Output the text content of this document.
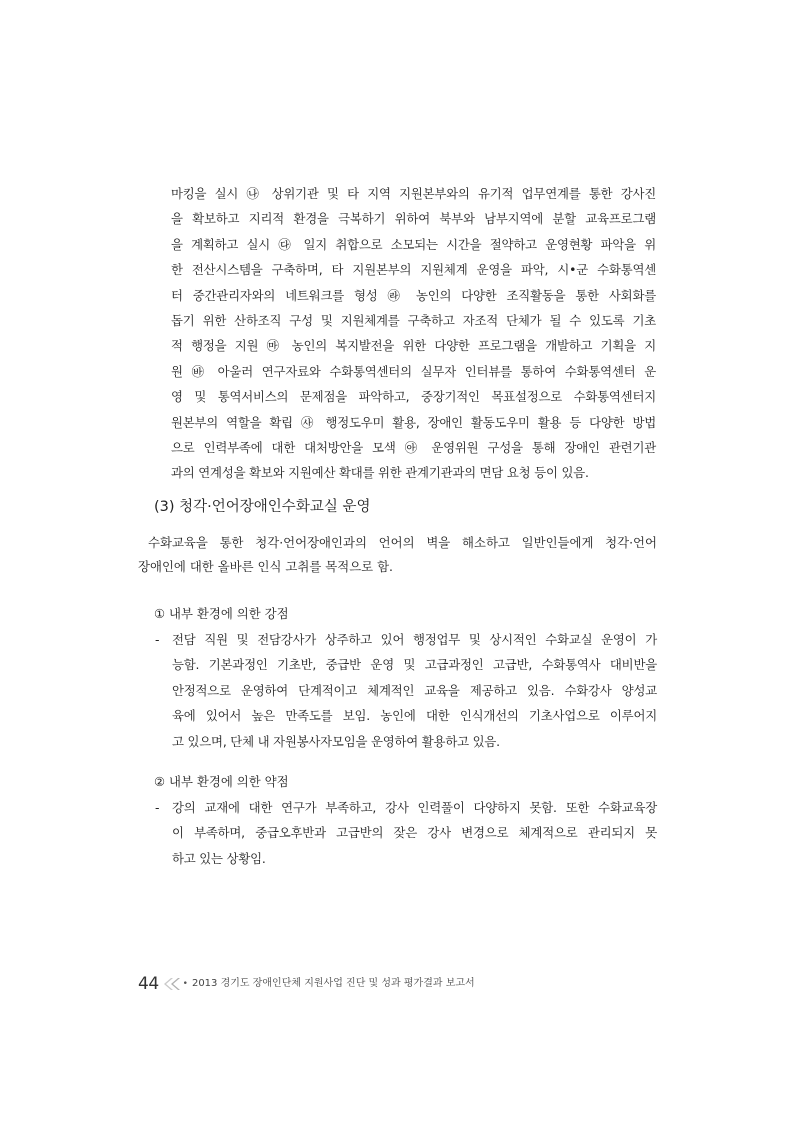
마킹을 실시 ㉯ 상위기관 및 타 지역 지원본부와의 유기적 업무연계를 통한 강사진
을 확보하고 지리적 환경을 극복하기 위하여 북부와 남부지역에 분할 교육프로그램
을 계획하고 실시 ㉰ 일지 취합으로 소모되는 시간을 절약하고 운영현황 파악을 위
한 전산시스템을 구축하며, 타 지원본부의 지원체계 운영을 파악, 시•군 수화통역센
터 중간관리자와의 네트워크를 형성 ㉱ 농인의 다양한 조직활동을 통한 사회화를
돕기 위한 산하조직 구성 및 지원체계를 구축하고 자조적 단체가 될 수 있도록 기초
적 행정을 지원 ㉲ 농인의 복지발전을 위한 다양한 프로그램을 개발하고 기획을 지
원 ㉳ 아울러 연구자료와 수화통역센터의 실무자 인터뷰를 통하여 수화통역센터 운
영 및 통역서비스의 문제점을 파악하고, 중장기적인 목표설정으로 수화통역센터지
원본부의 역할을 확립 ㉴ 행정도우미 활용, 장애인 활동도우미 활용 등 다양한 방법
으로 인력부족에 대한 대처방안을 모색 ㉵ 운영위원 구성을 통해 장애인 관련기관
과의 연계성을 확보와 지원예산 확대를 위한 관계기관과의 면담 요청 등이 있음.
(3) 청각·언어장애인수화교실 운영
수화교육을 통한 청각·언어장애인과의 언어의 벽을 해소하고 일반인들에게 청각·언어
장애인에 대한 올바른 인식 고취를 목적으로 함.
① 내부 환경에 의한 강점
- 전담 직원 및 전담강사가 상주하고 있어 행정업무 및 상시적인 수화교실 운영이 가
능함. 기본과정인 기초반, 중급반 운영 및 고급과정인 고급반, 수화통역사 대비반을
안정적으로 운영하여 단계적이고 체계적인 교육을 제공하고 있음. 수화강사 양성교
육에 있어서 높은 만족도를 보임. 농인에 대한 인식개선의 기초사업으로 이루어지
고 있으며, 단체 내 자원봉사자모임을 운영하여 활용하고 있음.
② 내부 환경에 의한 약점
- 강의 교재에 대한 연구가 부족하고, 강사 인력풀이 다양하지 못함. 또한 수화교육장
이 부족하며, 중급오후반과 고급반의 잦은 강사 변경으로 체계적으로 관리되지 못
하고 있는 상황임.
44	• 2013 경기도 장애인단체 지원사업 진단 및 성과 평가결과 보고서
